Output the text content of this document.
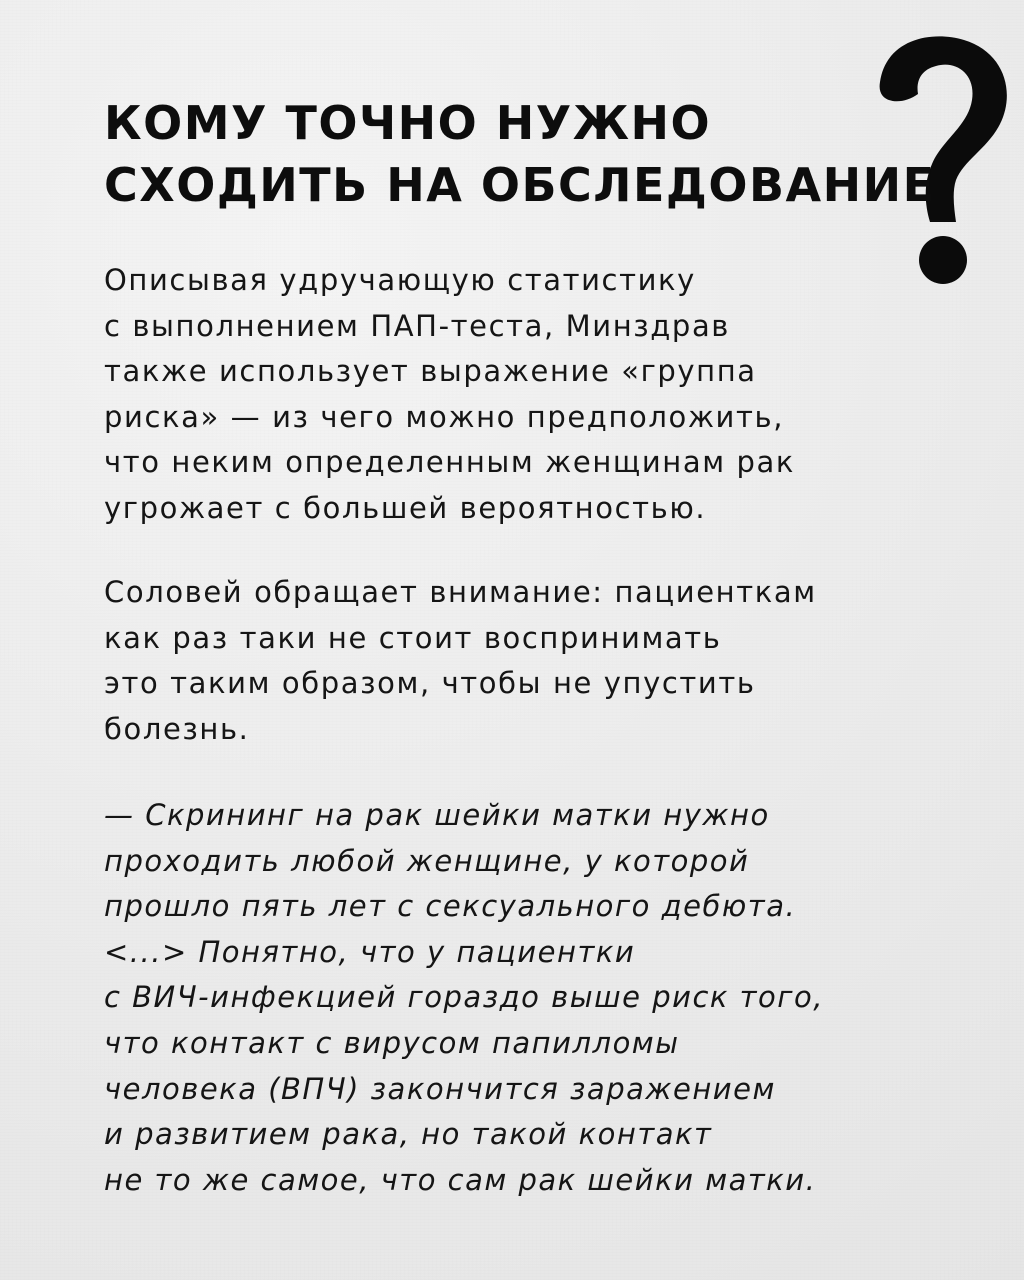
КОМУ ТОЧНО НУЖНО
СХОДИТЬ НА ОБСЛЕДОВАНИЕ

Описывая удручающую статистику
с выполнением ПАП-теста, Минздрав
также использует выражение «группа
риска» — из чего можно предположить,
что неким определенным женщинам рак
угрожает с большей вероятностью.

Соловей обращает внимание: пациенткам
как раз таки не стоит воспринимать
это таким образом, чтобы не упустить
болезнь.

— Скрининг на рак шейки матки нужно
проходить любой женщине, у которой
прошло пять лет с сексуального дебюта.
<...> Понятно, что у пациентки
с ВИЧ-инфекцией гораздо выше риск того,
что контакт с вирусом папилломы
человека (ВПЧ) закончится заражением
и развитием рака, но такой контакт
не то же самое, что сам рак шейки матки.
